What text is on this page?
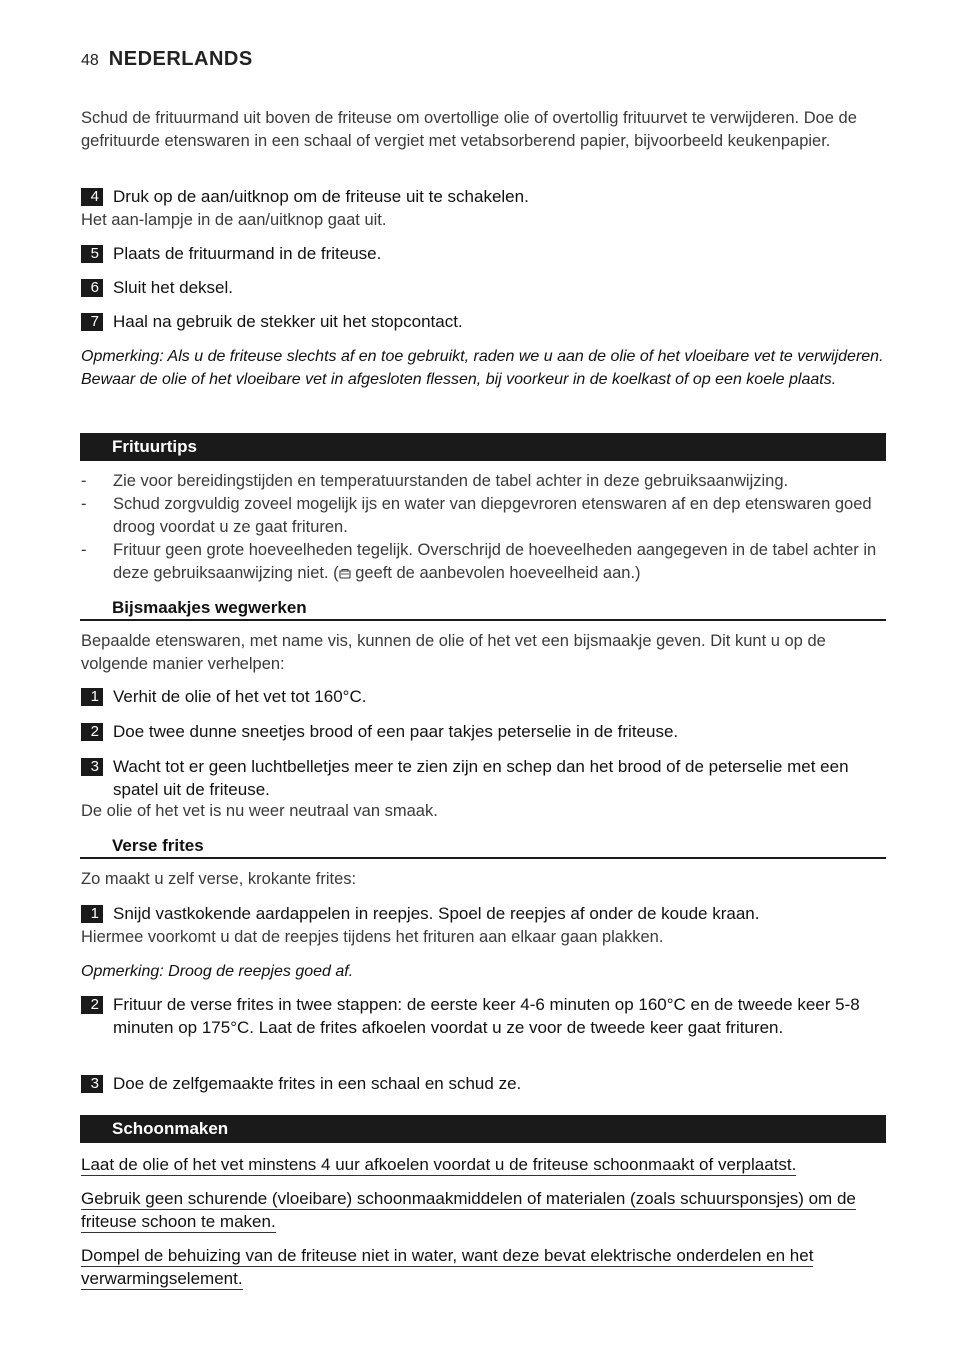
48 NEDERLANDS
Schud de frituurmand uit boven de friteuse om overtollige olie of overtollig frituurvet te verwijderen. Doe de gefrituurde etenswaren in een schaal of vergiet met vetabsorberend papier, bijvoorbeeld keukenpapier.
4 Druk op de aan/uitknop om de friteuse uit te schakelen.
Het aan-lampje in de aan/uitknop gaat uit.
5 Plaats de frituurmand in de friteuse.
6 Sluit het deksel.
7 Haal na gebruik de stekker uit het stopcontact.
Opmerking: Als u de friteuse slechts af en toe gebruikt, raden we u aan de olie of het vloeibare vet te verwijderen. Bewaar de olie of het vloeibare vet in afgesloten flessen, bij voorkeur in de koelkast of op een koele plaats.
Frituurtips
- Zie voor bereidingstijden en temperatuurstanden de tabel achter in deze gebruiksaanwijzing.
- Schud zorgvuldig zoveel mogelijk ijs en water van diepgevroren etenswaren af en dep etenswaren goed droog voordat u ze gaat frituren.
- Frituur geen grote hoeveelheden tegelijk. Overschrijd de hoeveelheden aangegeven in de tabel achter in deze gebruiksaanwijzing niet. ( geeft de aanbevolen hoeveelheid aan.)
Bijsmaakjes wegwerken
Bepaalde etenswaren, met name vis, kunnen de olie of het vet een bijsmaakje geven. Dit kunt u op de volgende manier verhelpen:
1 Verhit de olie of het vet tot 160°C.
2 Doe twee dunne sneetjes brood of een paar takjes peterselie in de friteuse.
3 Wacht tot er geen luchtbelletjes meer te zien zijn en schep dan het brood of de peterselie met een spatel uit de friteuse.
De olie of het vet is nu weer neutraal van smaak.
Verse frites
Zo maakt u zelf verse, krokante frites:
1 Snijd vastkokende aardappelen in reepjes. Spoel de reepjes af onder de koude kraan.
Hiermee voorkomt u dat de reepjes tijdens het frituren aan elkaar gaan plakken.
Opmerking: Droog de reepjes goed af.
2 Frituur de verse frites in twee stappen: de eerste keer 4-6 minuten op 160°C en de tweede keer 5-8 minuten op 175°C. Laat de frites afkoelen voordat u ze voor de tweede keer gaat frituren.
3 Doe de zelfgemaakte frites in een schaal en schud ze.
Schoonmaken
Laat de olie of het vet minstens 4 uur afkoelen voordat u de friteuse schoonmaakt of verplaatst.
Gebruik geen schurende (vloeibare) schoonmaakmiddelen of materialen (zoals schuursponsjes) om de friteuse schoon te maken.
Dompel de behuizing van de friteuse niet in water, want deze bevat elektrische onderdelen en het verwarmingselement.
